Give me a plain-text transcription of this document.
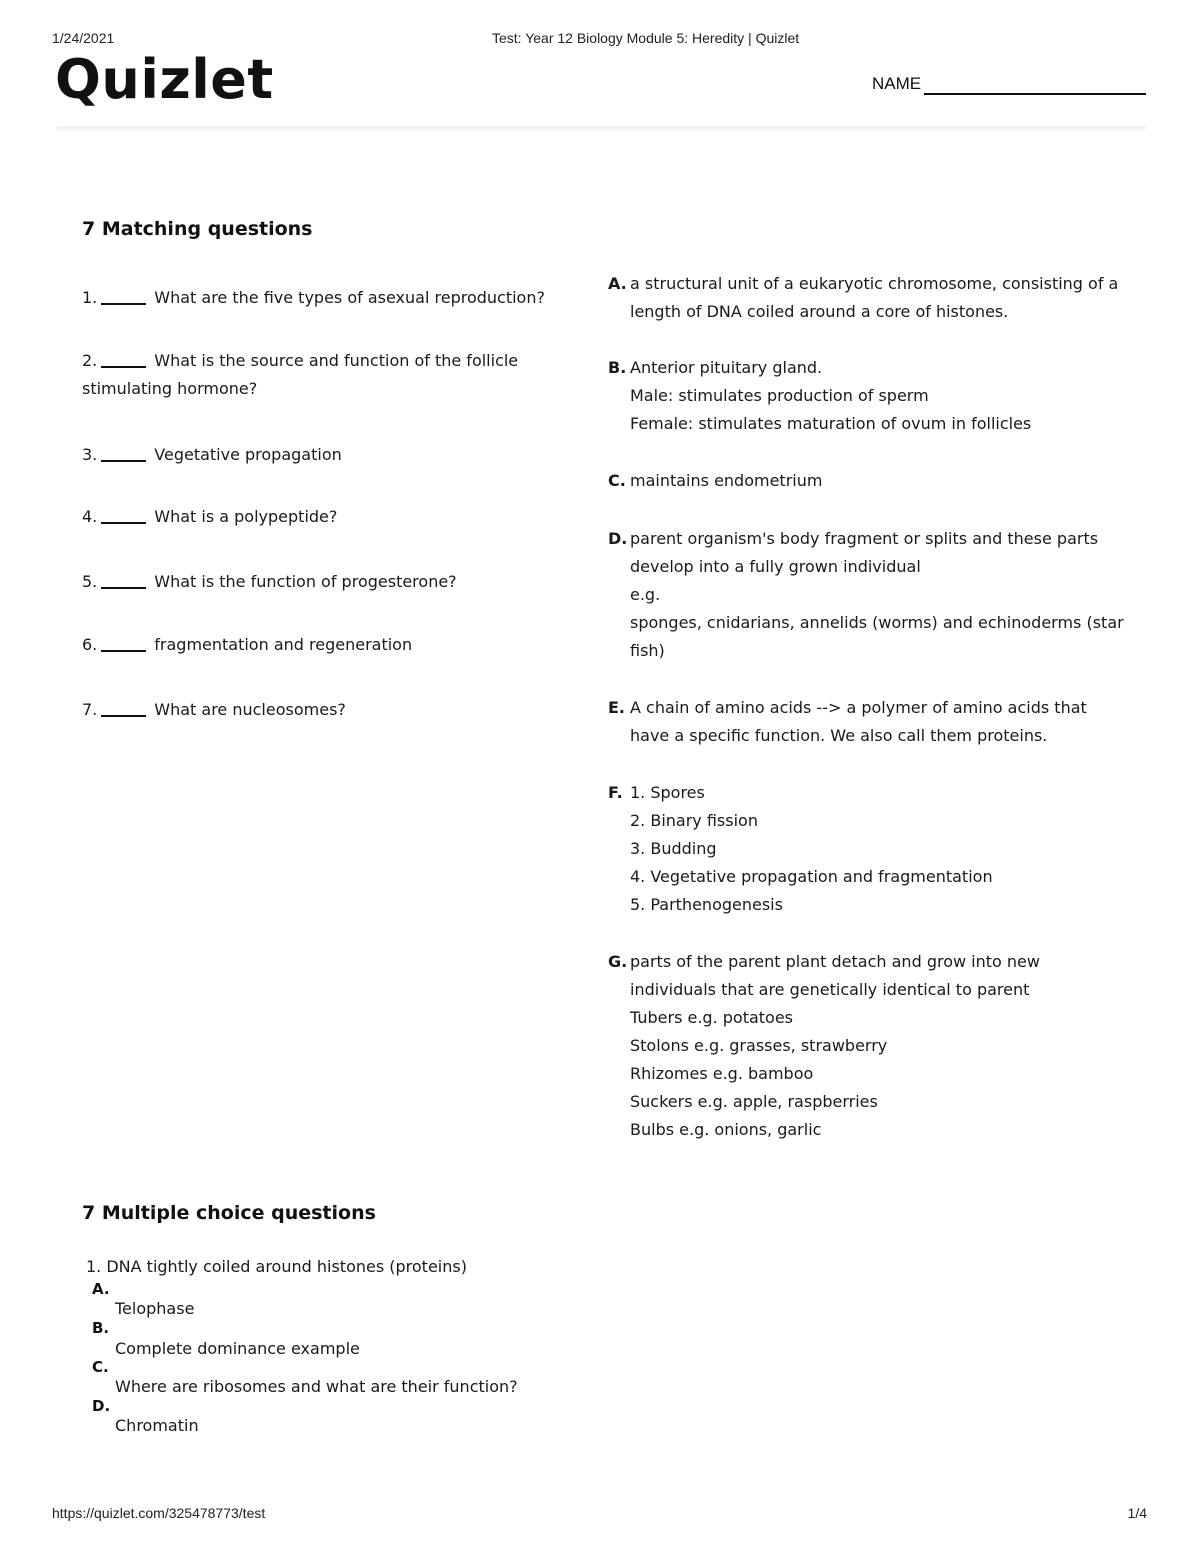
1/24/2021	Test: Year 12 Biology Module 5: Heredity | Quizlet
Quizlet	NAME
7 Matching questions
1.	What are the five types of asexual reproduction?
2.	What is the source and function of the follicle stimulating hormone?
3.	Vegetative propagation
4.	What is a polypeptide?
5.	What is the function of progesterone?
6.	fragmentation and regeneration
7.	What are nucleosomes?
A. a structural unit of a eukaryotic chromosome, consisting of a length of DNA coiled around a core of histones.
B. Anterior pituitary gland.
Male: stimulates production of sperm
Female: stimulates maturation of ovum in follicles
C. maintains endometrium
D. parent organism's body fragment or splits and these parts develop into a fully grown individual
e.g.
sponges, cnidarians, annelids (worms) and echinoderms (star fish)
E. A chain of amino acids --> a polymer of amino acids that have a specific function. We also call them proteins.
F. 1. Spores
2. Binary fission
3. Budding
4. Vegetative propagation and fragmentation
5. Parthenogenesis
G. parts of the parent plant detach and grow into new individuals that are genetically identical to parent
Tubers e.g. potatoes
Stolons e.g. grasses, strawberry
Rhizomes e.g. bamboo
Suckers e.g. apple, raspberries
Bulbs e.g. onions, garlic
7 Multiple choice questions
1. DNA tightly coiled around histones (proteins)
A.
Telophase
B.
Complete dominance example
C.
Where are ribosomes and what are their function?
D.
Chromatin
https://quizlet.com/325478773/test	1/4
